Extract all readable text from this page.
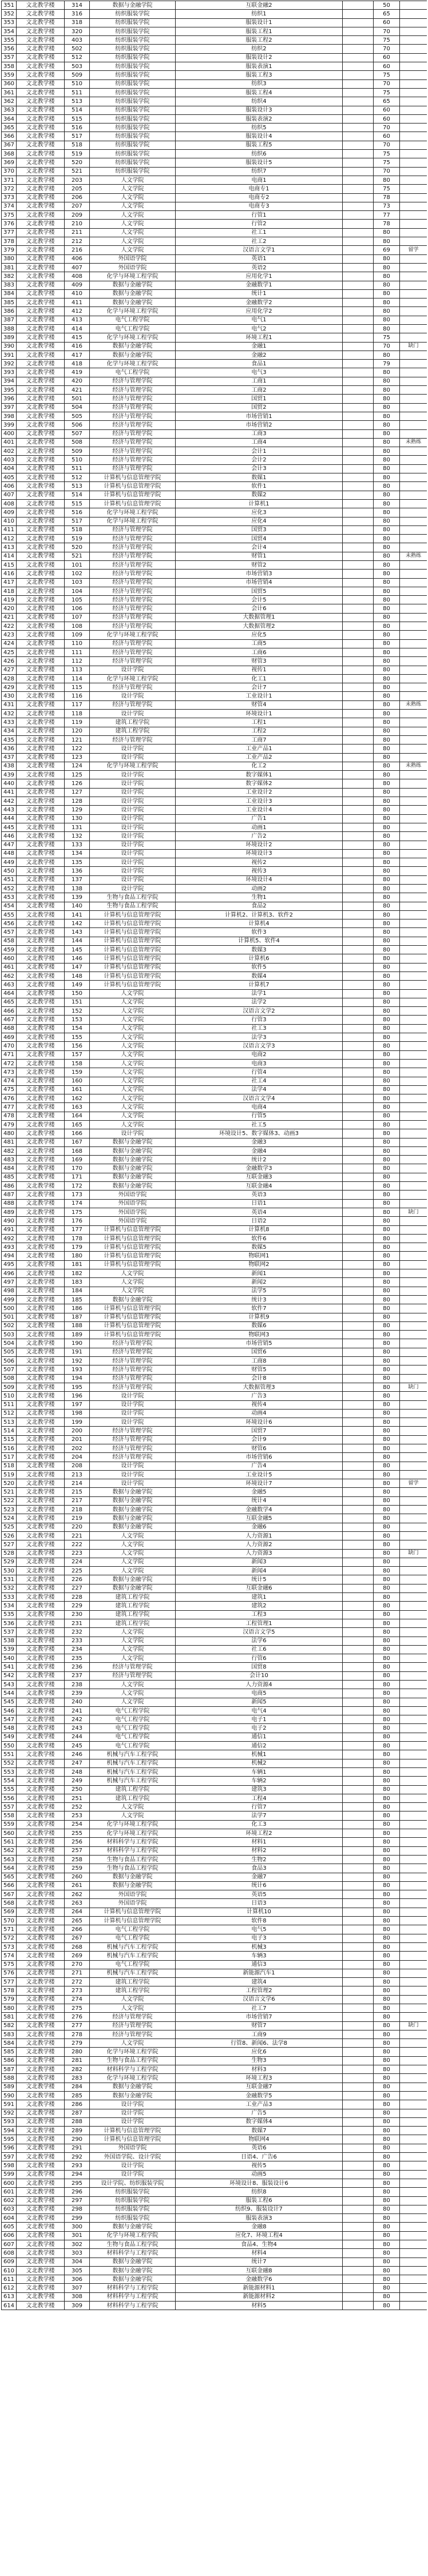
351	文北教学楼	314	数据与金融学院	互联金融2		50	
352	文北教学楼	316	纺织服装学院	纺织1		65	
353	文北教学楼	318	纺织服装学院	服装设计1		60	
354	文北教学楼	320	纺织服装学院	服装工程1		70	
355	文北教学楼	403	纺织服装学院	服装工程2		75	
356	文北教学楼	502	纺织服装学院	纺织2		70	
357	文北教学楼	512	纺织服装学院	服装设计2		60	
358	文北教学楼	503	纺织服装学院	服装表演1		60	
359	文北教学楼	509	纺织服装学院	服装工程3		75	
360	文北教学楼	510	纺织服装学院	纺织3		70	
361	文北教学楼	511	纺织服装学院	服装工程4		75	
362	文北教学楼	513	纺织服装学院	纺织4		65	
363	文北教学楼	514	纺织服装学院	服装设计3		60	
364	文北教学楼	515	纺织服装学院	服装表演2		60	
365	文北教学楼	516	纺织服装学院	纺织5		70	
366	文北教学楼	517	纺织服装学院	服装设计4		60	
367	文北教学楼	518	纺织服装学院	服装工程5		70	
368	文北教学楼	519	纺织服装学院	纺织6		75	
369	文北教学楼	520	纺织服装学院	服装设计5		75	
370	文北教学楼	521	纺织服装学院	纺织7		70	
371	文北教学楼	203	人文学院	电商1		80	
372	文北教学楼	205	人文学院	电商专1		75	
373	文北教学楼	206	人文学院	电商专2		78	
374	文北教学楼	207	人文学院	电商专3		73	
375	文北教学楼	209	人文学院	行管1		77	
376	文北教学楼	210	人文学院	行管2		78	
377	文北教学楼	211	人文学院	社工1		80	
378	文北教学楼	212	人文学院	社工2		80	
379	文北教学楼	216	人文学院	汉语言文学1		69	留学
380	文北教学楼	406	外国语学院	英语1		80	
381	文北教学楼	407	外国语学院	英语2		80	
382	文北教学楼	408	化学与环境工程学院	应用化学1		80	
383	文北教学楼	409	数据与金融学院	金融数学1		80	
384	文北教学楼	410	数据与金融学院	统计1		80	
385	文北教学楼	411	数据与金融学院	金融数学2		80	
386	文北教学楼	412	化学与环境工程学院	应用化学2		80	
387	文北教学楼	413	电气工程学院	电气1		80	
388	文北教学楼	414	电气工程学院	电气2		80	
389	文北教学楼	415	化学与环境工程学院	环境工程1		75	
390	文北教学楼	416	数据与金融学院	金融1		70	缺门
391	文北教学楼	417	数据与金融学院	金融2		80	
392	文北教学楼	418	化学与环境工程学院	食品1		79	
393	文北教学楼	419	电气工程学院	电气3		80	
394	文北教学楼	420	经济与管理学院	工商1		80	
395	文北教学楼	421	经济与管理学院	工商2		80	
396	文北教学楼	501	经济与管理学院	国贸1		80	
397	文北教学楼	504	经济与管理学院	国贸2		80	
398	文北教学楼	505	经济与管理学院	市场营销1		80	
399	文北教学楼	506	经济与管理学院	市场营销2		80	
400	文北教学楼	507	经济与管理学院	工商3		80	
401	文北教学楼	508	经济与管理学院	工商4		80	未熟练
402	文北教学楼	509	经济与管理学院	会计1		80	
403	文北教学楼	510	经济与管理学院	会计2		80	
404	文北教学楼	511	经济与管理学院	会计3		80	
405	文北教学楼	512	计算机与信息管理学院	数媒1		80	
406	文北教学楼	513	计算机与信息管理学院	软件1		80	
407	文北教学楼	514	计算机与信息管理学院	数媒2		80	
408	文北教学楼	515	计算机与信息管理学院	计算机1		80	
409	文北教学楼	516	化学与环境工程学院	应化3		80	
410	文北教学楼	517	化学与环境工程学院	应化4		80	
411	文北教学楼	518	经济与管理学院	国贸3		80	
412	文北教学楼	519	经济与管理学院	国贸4		80	
413	文北教学楼	520	经济与管理学院	会计4		80	
414	文北教学楼	521	经济与管理学院	财管1		80	未熟练
415	文北教学楼	101	经济与管理学院	财管2		80	
416	文北教学楼	102	经济与管理学院	市场营销3		80	
417	文北教学楼	103	经济与管理学院	市场营销4		80	
418	文北教学楼	104	经济与管理学院	国贸5		80	
419	文北教学楼	105	经济与管理学院	会计5		80	
420	文北教学楼	106	经济与管理学院	会计6		80	
421	文北教学楼	107	经济与管理学院	大数据管理1		80	
422	文北教学楼	108	经济与管理学院	大数据管理2		80	
423	文北教学楼	109	化学与环境工程学院	应化5		80	
424	文北教学楼	110	经济与管理学院	工商5		80	
425	文北教学楼	111	经济与管理学院	工商6		80	
426	文北教学楼	112	经济与管理学院	财管3		80	
427	文北教学楼	113	设计学院	视传1		80	
428	文北教学楼	114	化学与环境工程学院	化工1		80	
429	文北教学楼	115	经济与管理学院	会计7		80	
430	文北教学楼	116	设计学院	工业设计1		80	
431	文北教学楼	117	经济与管理学院	财管4		80	未熟练
432	文北教学楼	118	设计学院	环境设计1		80	
433	文北教学楼	119	建筑工程学院	工程1		80	
434	文北教学楼	120	建筑工程学院	工程2		80	
435	文北教学楼	121	经济与管理学院	工商7		80	
436	文北教学楼	122	设计学院	工业产品1		80	
437	文北教学楼	123	设计学院	工业产品2		80	
438	文北教学楼	124	化学与环境工程学院	化工2		80	未熟练
439	文北教学楼	125	设计学院	数字媒体1		80	
440	文北教学楼	126	设计学院	数字媒体2		80	
441	文北教学楼	127	设计学院	工业设计2		80	
442	文北教学楼	128	设计学院	工业设计3		80	
443	文北教学楼	129	设计学院	工业设计4		80	
444	文北教学楼	130	设计学院	广告1		80	
445	文北教学楼	131	设计学院	动画1		80	
446	文北教学楼	132	设计学院	广告2		80	
447	文北教学楼	133	设计学院	环境设计2		80	
448	文北教学楼	134	设计学院	环境设计3		80	
449	文北教学楼	135	设计学院	视传2		80	
450	文北教学楼	136	设计学院	视传3		80	
451	文北教学楼	137	设计学院	环境设计4		80	
452	文北教学楼	138	设计学院	动画2		80	
453	文北教学楼	139	生物与食品工程学院	生物1		80	
454	文北教学楼	140	生物与食品工程学院	食品2		80	
455	文北教学楼	141	计算机与信息管理学院	计算机2、计算机3、软件2		80	
456	文北教学楼	142	计算机与信息管理学院	计算机4		80	
457	文北教学楼	143	计算机与信息管理学院	软件3		80	
458	文北教学楼	144	计算机与信息管理学院	计算机5、软件4		80	
459	文北教学楼	145	计算机与信息管理学院	数媒3		80	
460	文北教学楼	146	计算机与信息管理学院	计算机6		80	
461	文北教学楼	147	计算机与信息管理学院	软件5		80	
462	文北教学楼	148	计算机与信息管理学院	数媒4		80	
463	文北教学楼	149	计算机与信息管理学院	计算机7		80	
464	文北教学楼	150	人文学院	法学1		80	
465	文北教学楼	151	人文学院	法学2		80	
466	文北教学楼	152	人文学院	汉语言文学2		80	
467	文北教学楼	153	人文学院	行管3		80	
468	文北教学楼	154	人文学院	社工3		80	
469	文北教学楼	155	人文学院	法学3		80	
470	文北教学楼	156	人文学院	汉语言文学3		80	
471	文北教学楼	157	人文学院	电商2		80	
472	文北教学楼	158	人文学院	电商3		80	
473	文北教学楼	159	人文学院	行管4		80	
474	文北教学楼	160	人文学院	社工4		80	
475	文北教学楼	161	人文学院	法学4		80	
476	文北教学楼	162	人文学院	汉语言文学4		80	
477	文北教学楼	163	人文学院	电商4		80	
478	文北教学楼	164	人文学院	行管5		80	
479	文北教学楼	165	人文学院	社工5		80	
480	文北教学楼	166	设计学院	环境设计5、数字媒体3、动画3		80	
481	文北教学楼	167	数据与金融学院	金融3		80	
482	文北教学楼	168	数据与金融学院	金融4		80	
483	文北教学楼	169	数据与金融学院	统计2		80	
484	文北教学楼	170	数据与金融学院	金融数学3		80	
485	文北教学楼	171	数据与金融学院	互联金融3		80	
486	文北教学楼	172	数据与金融学院	互联金融4		80	
487	文北教学楼	173	外国语学院	英语3		80	
488	文北教学楼	174	外国语学院	日语1		80	
489	文北教学楼	175	外国语学院	英语4		80	缺门
490	文北教学楼	176	外国语学院	日语2		80	
491	文北教学楼	177	计算机与信息管理学院	计算机8		80	
492	文北教学楼	178	计算机与信息管理学院	软件6		80	
493	文北教学楼	179	计算机与信息管理学院	数媒5		80	
494	文北教学楼	180	计算机与信息管理学院	物联网1		80	
495	文北教学楼	181	计算机与信息管理学院	物联网2		80	
496	文北教学楼	182	人文学院	新闻1		80	
497	文北教学楼	183	人文学院	新闻2		80	
498	文北教学楼	184	人文学院	法学5		80	
499	文北教学楼	185	数据与金融学院	统计3		80	
500	文北教学楼	186	计算机与信息管理学院	软件7		80	
501	文北教学楼	187	计算机与信息管理学院	计算机9		80	
502	文北教学楼	188	计算机与信息管理学院	数媒6		80	
503	文北教学楼	189	计算机与信息管理学院	物联网3		80	
504	文北教学楼	190	经济与管理学院	市场营销5		80	
505	文北教学楼	191	经济与管理学院	国贸6		80	
506	文北教学楼	192	经济与管理学院	工商8		80	
507	文北教学楼	193	经济与管理学院	财管5		80	
508	文北教学楼	194	经济与管理学院	会计8		80	
509	文北教学楼	195	经济与管理学院	大数据管理3		80	缺门
510	文北教学楼	196	设计学院	广告3		80	
511	文北教学楼	197	设计学院	视传4		80	
512	文北教学楼	198	设计学院	动画4		80	
513	文北教学楼	199	设计学院	环境设计6		80	
514	文北教学楼	200	经济与管理学院	国贸7		80	
515	文北教学楼	201	经济与管理学院	会计9		80	
516	文北教学楼	202	经济与管理学院	财管6		80	
517	文北教学楼	204	经济与管理学院	市场营销6		80	
518	文北教学楼	208	设计学院	广告4		80	
519	文北教学楼	213	设计学院	工业设计5		80	
520	文北教学楼	214	设计学院	环境设计7		80	留学
521	文北教学楼	215	数据与金融学院	金融5		80	
522	文北教学楼	217	数据与金融学院	统计4		80	
523	文北教学楼	218	数据与金融学院	金融数学4		80	
524	文北教学楼	219	数据与金融学院	互联金融5		80	
525	文北教学楼	220	数据与金融学院	金融6		80	
526	文北教学楼	221	人文学院	人力资源1		80	
527	文北教学楼	222	人文学院	人力资源2		80	
528	文北教学楼	223	人文学院	人力资源3		80	缺门
529	文北教学楼	224	人文学院	新闻3		80	
530	文北教学楼	225	人文学院	新闻4		80	
531	文北教学楼	226	数据与金融学院	统计5		80	
532	文北教学楼	227	数据与金融学院	互联金融6		80	
533	文北教学楼	228	建筑工程学院	建筑1		80	
534	文北教学楼	229	建筑工程学院	建筑2		80	
535	文北教学楼	230	建筑工程学院	工程3		80	
536	文北教学楼	231	建筑工程学院	工程管理1		80	
537	文北教学楼	232	人文学院	汉语言文学5		80	
538	文北教学楼	233	人文学院	法学6		80	
539	文北教学楼	234	人文学院	社工6		80	
540	文北教学楼	235	人文学院	行管6		80	
541	文北教学楼	236	经济与管理学院	国贸8		80	
542	文北教学楼	237	经济与管理学院	会计10		80	
543	文北教学楼	238	人文学院	人力资源4		80	
544	文北教学楼	239	人文学院	电商5		80	
545	文北教学楼	240	人文学院	新闻5		80	
546	文北教学楼	241	电气工程学院	电气4		80	
547	文北教学楼	242	电气工程学院	电子1		80	
548	文北教学楼	243	电气工程学院	电子2		80	
549	文北教学楼	244	电气工程学院	通信1		80	
550	文北教学楼	245	电气工程学院	通信2		80	
551	文北教学楼	246	机械与汽车工程学院	机械1		80	
552	文北教学楼	247	机械与汽车工程学院	机械2		80	
553	文北教学楼	248	机械与汽车工程学院	车辆1		80	
554	文北教学楼	249	机械与汽车工程学院	车辆2		80	
555	文北教学楼	250	建筑工程学院	建筑3		80	
556	文北教学楼	251	建筑工程学院	工程4		80	
557	文北教学楼	252	人文学院	行管7		80	
558	文北教学楼	253	人文学院	法学7		80	
559	文北教学楼	254	化学与环境工程学院	化工3		80	
560	文北教学楼	255	化学与环境工程学院	环境工程2		80	
561	文北教学楼	256	材料科学与工程学院	材料1		80	
562	文北教学楼	257	材料科学与工程学院	材料2		80	
563	文北教学楼	258	生物与食品工程学院	生物2		80	
564	文北教学楼	259	生物与食品工程学院	食品3		80	
565	文北教学楼	260	数据与金融学院	金融7		80	
566	文北教学楼	261	数据与金融学院	统计6		80	
567	文北教学楼	262	外国语学院	英语5		80	
568	文北教学楼	263	外国语学院	日语3		80	
569	文北教学楼	264	计算机与信息管理学院	计算机10		80	
570	文北教学楼	265	计算机与信息管理学院	软件8		80	
571	文北教学楼	266	电气工程学院	电气5		80	
572	文北教学楼	267	电气工程学院	电子3		80	
573	文北教学楼	268	机械与汽车工程学院	机械3		80	
574	文北教学楼	269	机械与汽车工程学院	车辆3		80	
575	文北教学楼	270	电气工程学院	通信3		80	
576	文北教学楼	271	机械与汽车工程学院	新能源汽车1		80	
577	文北教学楼	272	建筑工程学院	建筑4		80	
578	文北教学楼	273	建筑工程学院	工程管理2		80	
579	文北教学楼	274	人文学院	汉语言文学6		80	
580	文北教学楼	275	人文学院	社工7		80	
581	文北教学楼	276	经济与管理学院	市场营销7		80	
582	文北教学楼	277	经济与管理学院	财管7		80	缺门
583	文北教学楼	278	经济与管理学院	工商9		80	
584	文北教学楼	279	人文学院	行管8、新闻6、法学8		80	
585	文北教学楼	280	化学与环境工程学院	应化6		80	
586	文北教学楼	281	生物与食品工程学院	生物3		80	
587	文北教学楼	282	材料科学与工程学院	材料3		80	
588	文北教学楼	283	化学与环境工程学院	环境工程3		80	
589	文北教学楼	284	数据与金融学院	互联金融7		80	
590	文北教学楼	285	数据与金融学院	金融数学5		80	
591	文北教学楼	286	设计学院	工业产品3		80	
592	文北教学楼	287	设计学院	广告5		80	
593	文北教学楼	288	设计学院	数字媒体4		80	
594	文北教学楼	289	计算机与信息管理学院	数媒7		80	
595	文北教学楼	290	计算机与信息管理学院	物联网4		80	
596	文北教学楼	291	外国语学院	英语6		80	
597	文北教学楼	292	外国语学院、设计学院	日语4、广告6		80	
598	文北教学楼	293	设计学院	视传5		80	
599	文北教学楼	294	设计学院	动画5		80	
600	文北教学楼	295	设计学院、纺织服装学院	环境设计8、服装设计6		80	
601	文北教学楼	296	纺织服装学院	纺织8		80	
602	文北教学楼	297	纺织服装学院	服装工程6		80	
603	文北教学楼	298	纺织服装学院	纺织9、服装设计7		80	
604	文北教学楼	299	纺织服装学院	服装表演3		80	
605	文北教学楼	300	数据与金融学院	金融8		80	
606	文北教学楼	301	化学与环境工程学院	应化7、环境工程4		80	
607	文北教学楼	302	生物与食品工程学院	食品4、生物4		80	
608	文北教学楼	303	材料科学与工程学院	材料4		80	
609	文北教学楼	304	数据与金融学院	统计7		80	
610	文北教学楼	305	数据与金融学院	互联金融8		80	
611	文北教学楼	306	数据与金融学院	金融数学6		80	
612	文北教学楼	307	材料科学与工程学院	新能源材料1		80	
613	文北教学楼	308	材料科学与工程学院	新能源材料2		80	
614	文北教学楼	309	材料科学与工程学院	材料5		80	
